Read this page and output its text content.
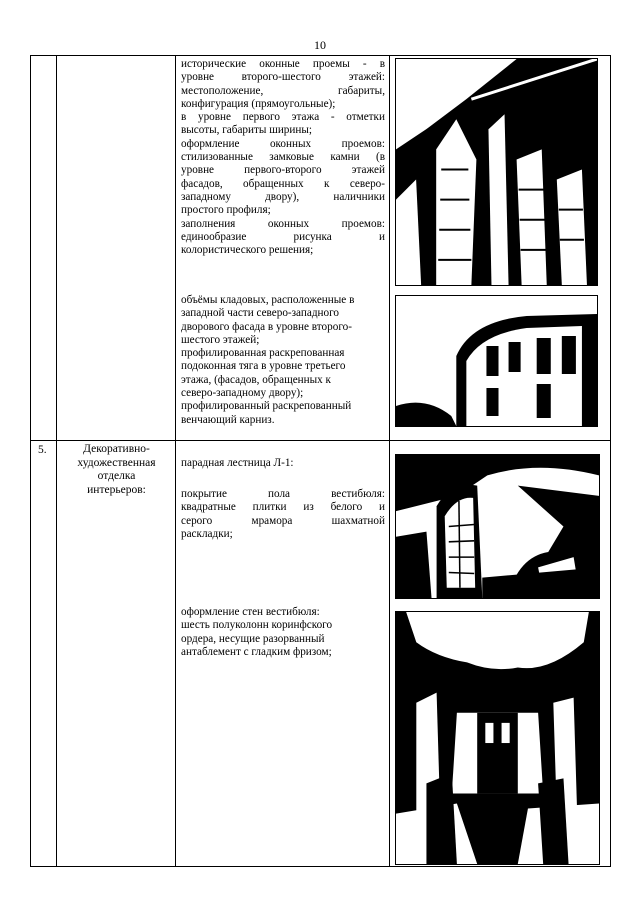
10

исторические оконные проемы - в

уровне второго-шестого этажей:

местоположение, габариты,

конфигурация (прямоугольные);

в уровне первого этажа - отметки

высоты, габариты ширины;

оформление оконных проемов:

стилизованные замковые камни (в

уровне первого-второго этажей

фасадов, обращенных к северо-

западному двору), наличники

простого профиля;

заполнения оконных проемов:

единообразие рисунка и

колористического решения;

объёмы кладовых, расположенные в

западной части северо-западного

дворового фасада в уровне второго-

шестого этажей;

профилированная раскрепованная

подоконная тяга в уровне третьего

этажа, (фасадов, обращенных к

северо-западному двору);

профилированный раскрепованный

венчающий карниз.

5.	Декоративно-
художественная
отделка
интерьеров:

парадная лестница Л-1:

покрытие пола вестибюля:

квадратные плитки из белого и

серого мрамора шахматной

раскладки;

оформление стен вестибюля:

шесть полуколонн коринфского

ордера, несущие разорванный

антаблемент с гладким фризом;
